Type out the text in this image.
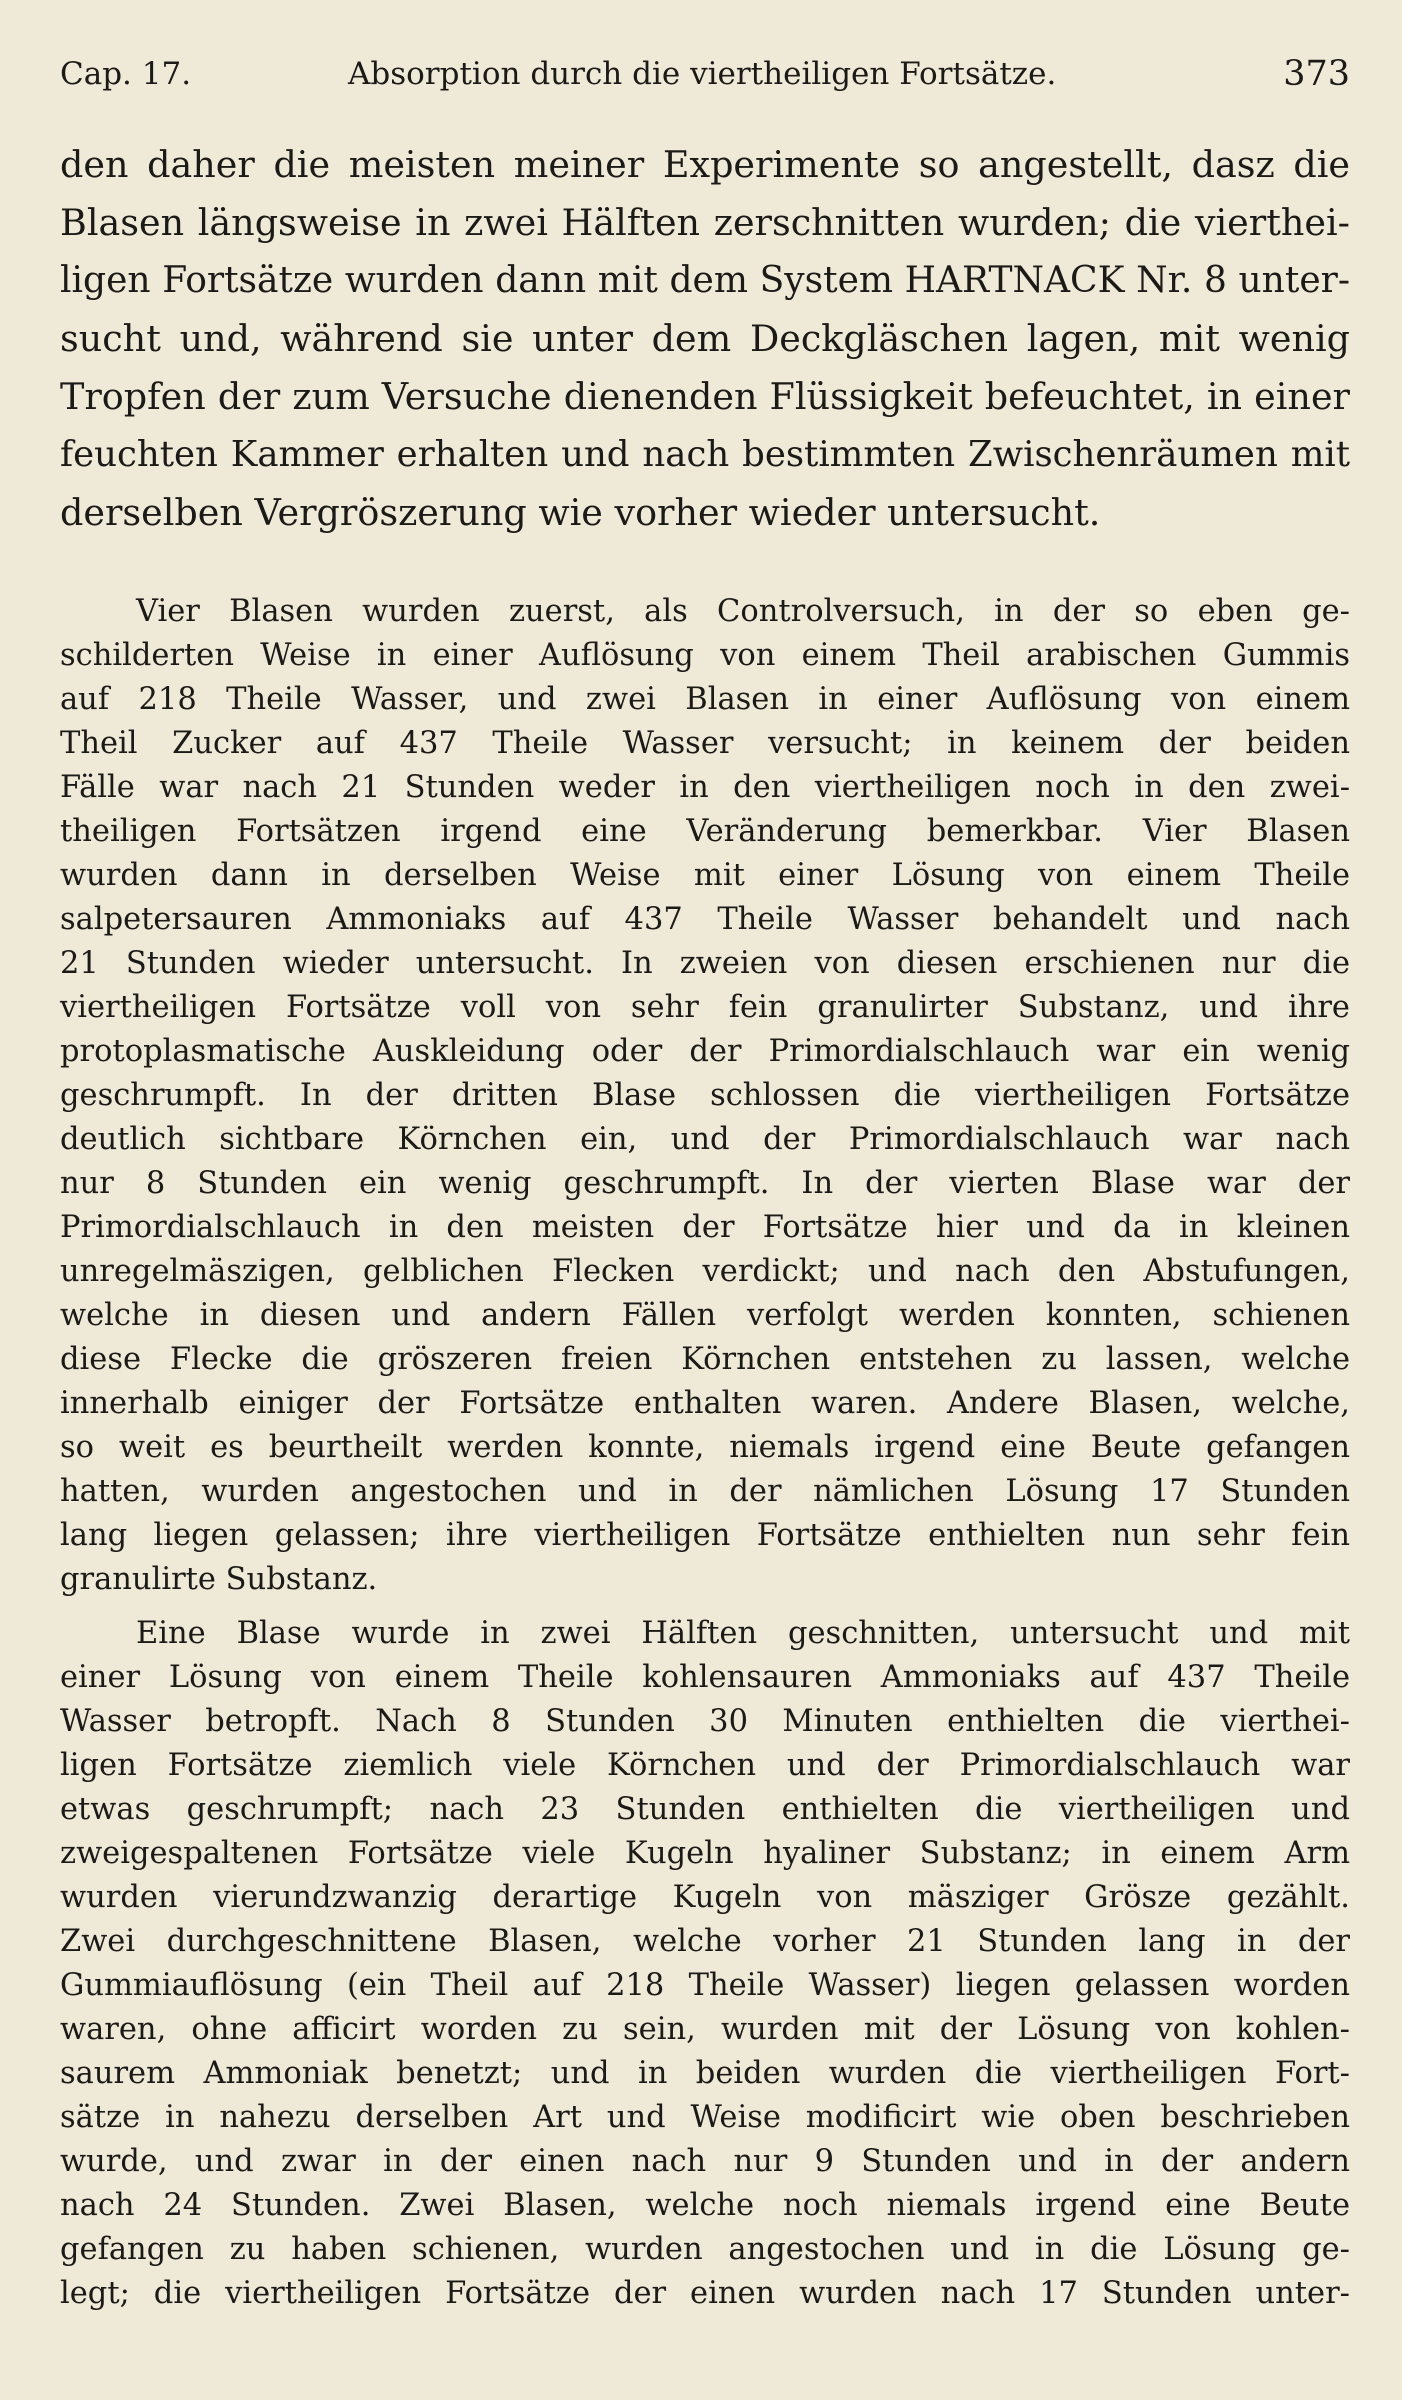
Cap. 17.	Absorption durch die viertheiligen Fortsätze.	373
den daher die meisten meiner Experimente so angestellt, dasz die
Blasen längsweise in zwei Hälften zerschnitten wurden; die vierthei-
ligen Fortsätze wurden dann mit dem System HARTNACK Nr. 8 unter-
sucht und, während sie unter dem Deckgläschen lagen, mit wenig
Tropfen der zum Versuche dienenden Flüssigkeit befeuchtet, in einer
feuchten Kammer erhalten und nach bestimmten Zwischenräumen mit
derselben Vergröszerung wie vorher wieder untersucht.
Vier Blasen wurden zuerst, als Controlversuch, in der so eben ge-
schilderten Weise in einer Auflösung von einem Theil arabischen Gummis
auf 218 Theile Wasser, und zwei Blasen in einer Auflösung von einem
Theil Zucker auf 437 Theile Wasser versucht; in keinem der beiden
Fälle war nach 21 Stunden weder in den viertheiligen noch in den zwei-
theiligen Fortsätzen irgend eine Veränderung bemerkbar. Vier Blasen
wurden dann in derselben Weise mit einer Lösung von einem Theile
salpetersauren Ammoniaks auf 437 Theile Wasser behandelt und nach
21 Stunden wieder untersucht. In zweien von diesen erschienen nur die
viertheiligen Fortsätze voll von sehr fein granulirter Substanz, und ihre
protoplasmatische Auskleidung oder der Primordialschlauch war ein wenig
geschrumpft. In der dritten Blase schlossen die viertheiligen Fortsätze
deutlich sichtbare Körnchen ein, und der Primordialschlauch war nach
nur 8 Stunden ein wenig geschrumpft. In der vierten Blase war der
Primordialschlauch in den meisten der Fortsätze hier und da in kleinen
unregelmäszigen, gelblichen Flecken verdickt; und nach den Abstufungen,
welche in diesen und andern Fällen verfolgt werden konnten, schienen
diese Flecke die gröszeren freien Körnchen entstehen zu lassen, welche
innerhalb einiger der Fortsätze enthalten waren. Andere Blasen, welche,
so weit es beurtheilt werden konnte, niemals irgend eine Beute gefangen
hatten, wurden angestochen und in der nämlichen Lösung 17 Stunden
lang liegen gelassen; ihre viertheiligen Fortsätze enthielten nun sehr fein
granulirte Substanz.
Eine Blase wurde in zwei Hälften geschnitten, untersucht und mit
einer Lösung von einem Theile kohlensauren Ammoniaks auf 437 Theile
Wasser betropft. Nach 8 Stunden 30 Minuten enthielten die vierthei-
ligen Fortsätze ziemlich viele Körnchen und der Primordialschlauch war
etwas geschrumpft; nach 23 Stunden enthielten die viertheiligen und
zweigespaltenen Fortsätze viele Kugeln hyaliner Substanz; in einem Arm
wurden vierundzwanzig derartige Kugeln von mäsziger Grösze gezählt.
Zwei durchgeschnittene Blasen, welche vorher 21 Stunden lang in der
Gummiauflösung (ein Theil auf 218 Theile Wasser) liegen gelassen worden
waren, ohne afficirt worden zu sein, wurden mit der Lösung von kohlen-
saurem Ammoniak benetzt; und in beiden wurden die viertheiligen Fort-
sätze in nahezu derselben Art und Weise modificirt wie oben beschrieben
wurde, und zwar in der einen nach nur 9 Stunden und in der andern
nach 24 Stunden. Zwei Blasen, welche noch niemals irgend eine Beute
gefangen zu haben schienen, wurden angestochen und in die Lösung ge-
legt; die viertheiligen Fortsätze der einen wurden nach 17 Stunden unter-
